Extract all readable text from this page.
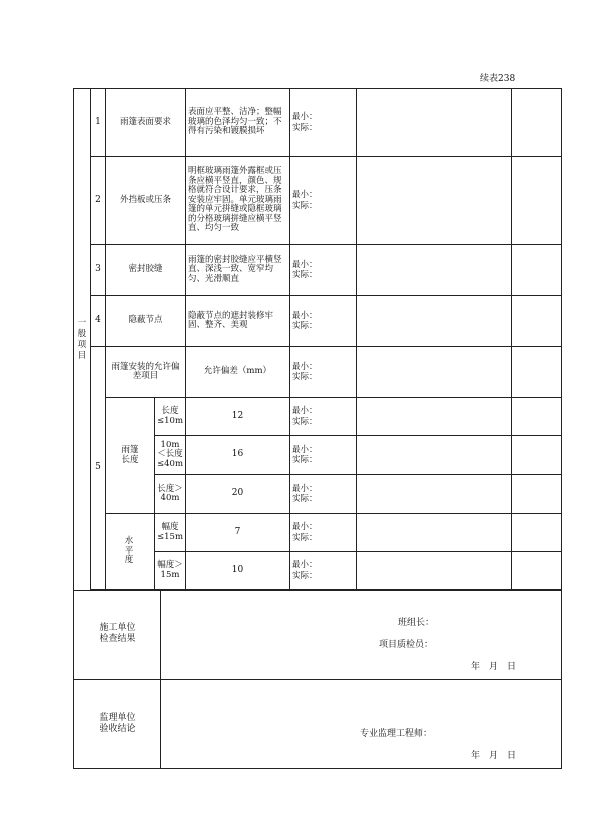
续表238
一般项目	1	雨篷表面要求			表面应平整、洁净；整幅玻璃的色泽均匀一致；不得有污染和镀膜损坏	最小：
实际：		

	2	外挡板或压条			明框玻璃雨篷外露框或压条应横平竖直，颜色、规格就符合设计要求，压条安装应牢固。单元玻璃雨篷的单元拼缝或隐框玻璃的分格玻璃拼缝应横平竖直、均匀一致	最小：
实际：		

	3	密封胶缝			雨篷的密封胶缝应平横竖直、深浅一致、宽窄均匀、光滑顺直	最小：
实际：		

	4	隐蔽节点			隐蔽节点的遮封装修牢固、整齐、美观	最小：
实际：		

	5	雨篷安装的允许偏差项目			允许偏差（mm）	最小：
实际：		

		雨篷长度		长度≤10m	12	最小：
实际：		

				10m＜长度≤40m	16	最小：
实际：		

				长度＞40m	20	最小：
实际：		

			水平度	幅度≤15m	7	最小：
实际：		

				幅度＞15m	10	最小：
实际：		

施工单位
检查结果
班组长：
项目质检员：
年　月　日								

监理单位
验收结论 专业监理工程师：
年　月　日								
